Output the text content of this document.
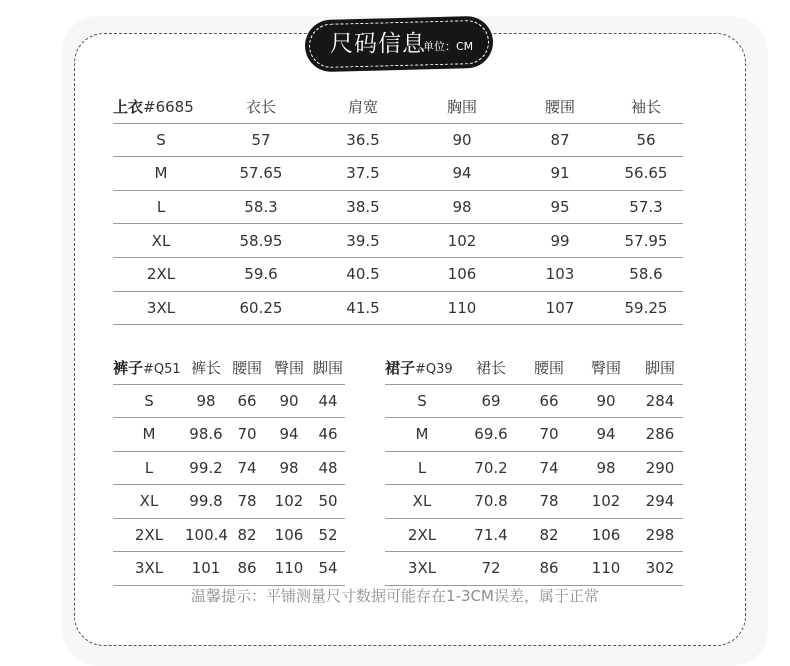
尺码信息
单位：CM
上衣#6685	衣长	肩宽	胸围	腰围	袖长
S	57	36.5	90	87	56
M	57.65	37.5	94	91	56.65
L	58.3	38.5	98	95	57.3
XL	58.95	39.5	102	99	57.95
2XL	59.6	40.5	106	103	58.6
3XL	60.25	41.5	110	107	59.25
裤子#Q51	裤长	腰围	臀围	脚围
S	98	66	90	44
M	98.6	70	94	46
L	99.2	74	98	48
XL	99.8	78	102	50
2XL	100.4	82	106	52
3XL	101	86	110	54
裙子#Q39	裙长	腰围	臀围	脚围
S	69	66	90	284
M	69.6	70	94	286
L	70.2	74	98	290
XL	70.8	78	102	294
2XL	71.4	82	106	298
3XL	72	86	110	302
温馨提示：平铺测量尺寸数据可能存在1-3CM误差，属于正常
